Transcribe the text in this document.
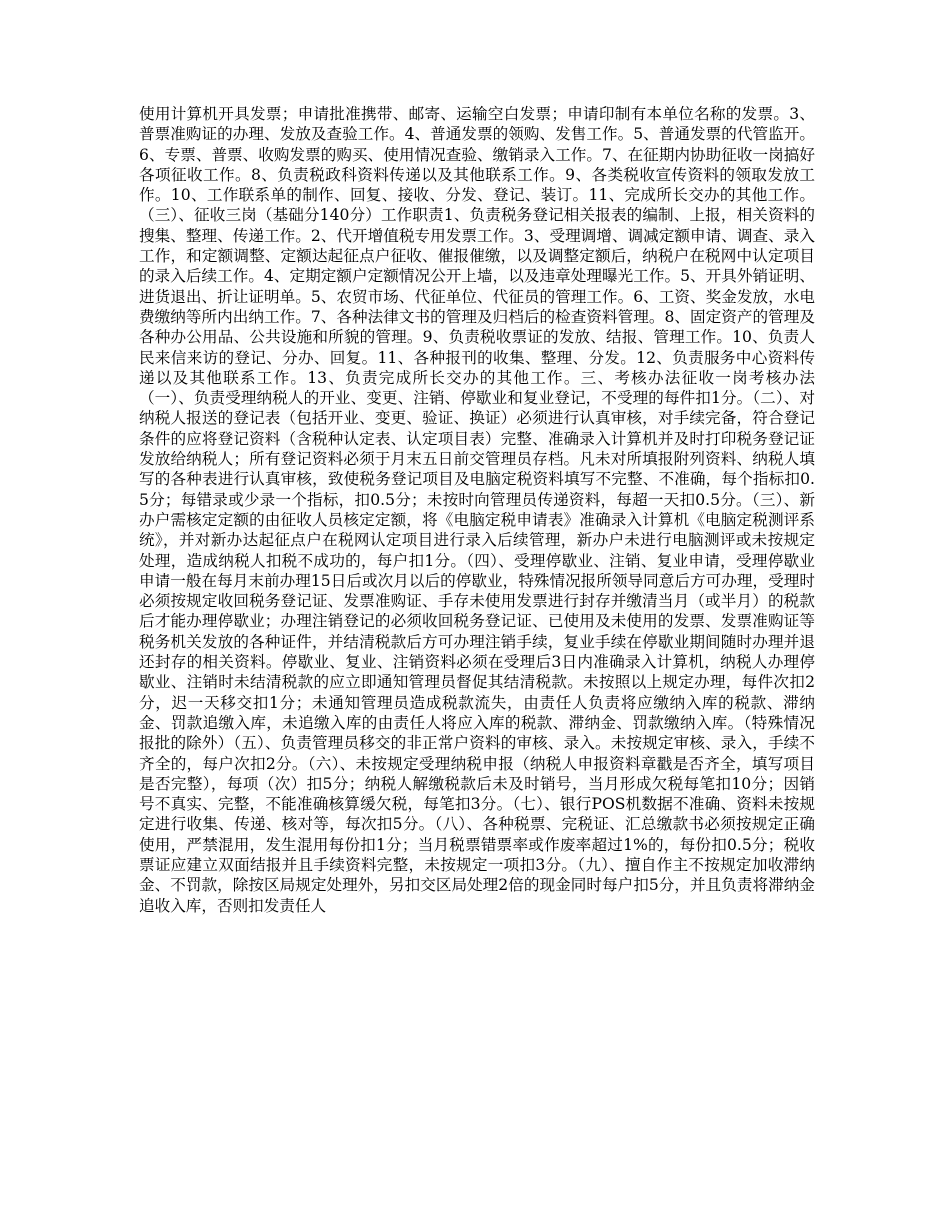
使用计算机开具发票；申请批准携带、邮寄、运输空白发票；申请印制有本单位名称的发票。3、普票准购证的办理、发放及查验工作。4、普通发票的领购、发售工作。5、普通发票的代管监开。6、专票、普票、收购发票的购买、使用情况查验、缴销录入工作。7、在征期内协助征收一岗搞好各项征收工作。8、负责税政科资料传递以及其他联系工作。9、各类税收宣传资料的领取发放工作。10、工作联系单的制作、回复、接收、分发、登记、装订。11、完成所长交办的其他工作。（三）、征收三岗（基础分140分）工作职责1、负责税务登记相关报表的编制、上报，相关资料的搜集、整理、传递工作。2、代开增值税专用发票工作。3、受理调增、调减定额申请、调查、录入工作，和定额调整、定额达起征点户征收、催报催缴，以及调整定额后，纳税户在税网中认定项目的录入后续工作。4、定期定额户定额情况公开上墙，以及违章处理曝光工作。5、开具外销证明、进货退出、折让证明单。5、农贸市场、代征单位、代征员的管理工作。6、工资、奖金发放，水电费缴纳等所内出纳工作。7、各种法律文书的管理及归档后的检查资料管理。8、固定资产的管理及各种办公用品、公共设施和所貌的管理。9、负责税收票证的发放、结报、管理工作。10、负责人民来信来访的登记、分办、回复。11、各种报刊的收集、整理、分发。12、负责服务中心资料传递以及其他联系工作。13、负责完成所长交办的其他工作。三、考核办法征收一岗考核办法（一）、负责受理纳税人的开业、变更、注销、停歇业和复业登记，不受理的每件扣1分。（二）、对纳税人报送的登记表（包括开业、变更、验证、换证）必须进行认真审核，对手续完备，符合登记条件的应将登记资料（含税种认定表、认定项目表）完整、准确录入计算机并及时打印税务登记证发放给纳税人；所有登记资料必须于月末五日前交管理员存档。凡未对所填报附列资料、纳税人填写的各种表进行认真审核，致使税务登记项目及电脑定税资料填写不完整、不准确，每个指标扣0.5分；每错录或少录一个指标，扣0.5分；未按时向管理员传递资料，每超一天扣0.5分。（三）、新办户需核定定额的由征收人员核定定额，将《电脑定税申请表》准确录入计算机《电脑定税测评系统》，并对新办达起征点户在税网认定项目进行录入后续管理，新办户未进行电脑测评或未按规定处理，造成纳税人扣税不成功的，每户扣1分。（四）、受理停歇业、注销、复业申请，受理停歇业申请一般在每月末前办理15日后或次月以后的停歇业，特殊情况报所领导同意后方可办理，受理时必须按规定收回税务登记证、发票准购证、手存未使用发票进行封存并缴清当月（或半月）的税款后才能办理停歇业；办理注销登记的必须收回税务登记证、已使用及未使用的发票、发票准购证等税务机关发放的各种证件，并结清税款后方可办理注销手续，复业手续在停歇业期间随时办理并退还封存的相关资料。停歇业、复业、注销资料必须在受理后3日内准确录入计算机，纳税人办理停歇业、注销时未结清税款的应立即通知管理员督促其结清税款。未按照以上规定办理，每件次扣2分，迟一天移交扣1分；未通知管理员造成税款流失，由责任人负责将应缴纳入库的税款、滞纳金、罚款追缴入库，未追缴入库的由责任人将应入库的税款、滞纳金、罚款缴纳入库。（特殊情况报批的除外）（五）、负责管理员移交的非正常户资料的审核、录入。未按规定审核、录入，手续不齐全的，每户次扣2分。（六）、未按规定受理纳税申报（纳税人申报资料章戳是否齐全，填写项目是否完整），每项（次）扣5分；纳税人解缴税款后未及时销号，当月形成欠税每笔扣10分；因销号不真实、完整，不能准确核算缓欠税，每笔扣3分。（七）、银行POS机数据不准确、资料未按规定进行收集、传递、核对等，每次扣5分。（八）、各种税票、完税证、汇总缴款书必须按规定正确使用，严禁混用，发生混用每份扣1分；当月税票错票率或作废率超过1%的，每份扣0.5分；税收票证应建立双面结报并且手续资料完整，未按规定一项扣3分。（九）、擅自作主不按规定加收滞纳金、不罚款，除按区局规定处理外，另扣交区局处理2倍的现金同时每户扣5分，并且负责将滞纳金追收入库，否则扣发责任人
